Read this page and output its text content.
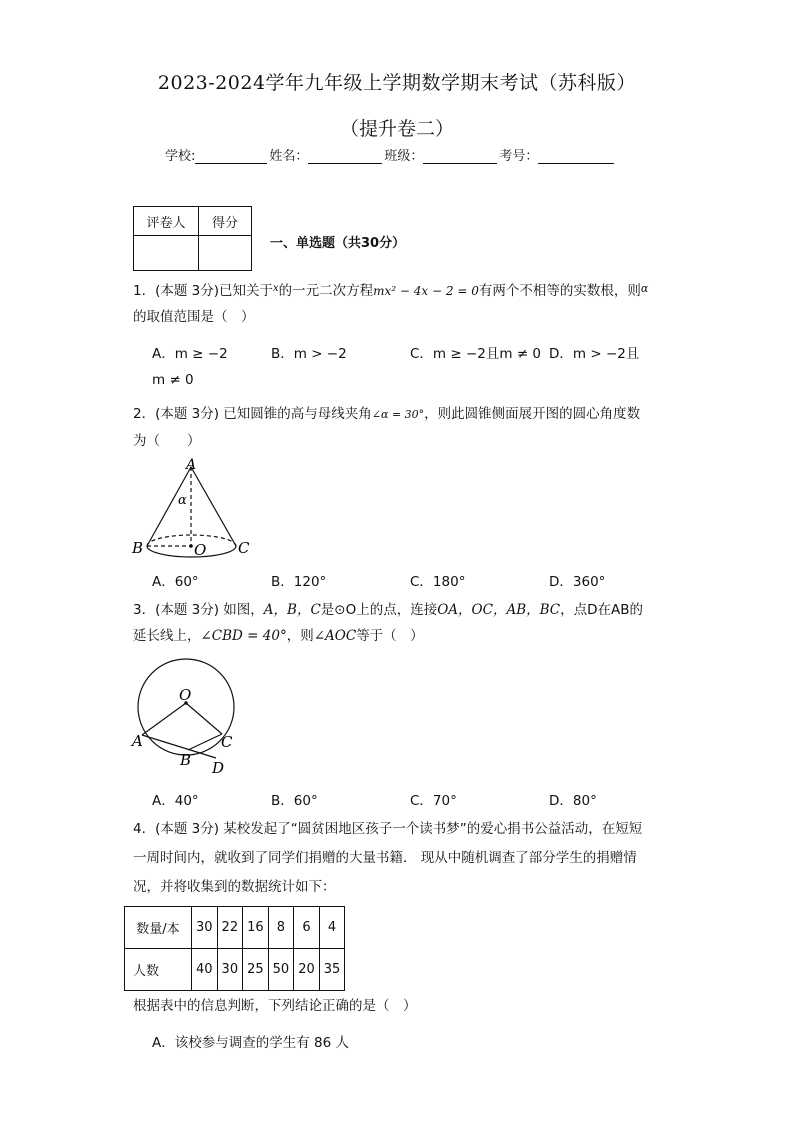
2023-2024学年九年级上学期数学期末考试（苏科版）
（提升卷二）
学校:	姓名：	班级：	考号：
评卷人	得分

一、单选题（共30分）
1．(本题 3分)已知关于$^x$的一元二次方程mx² − 4x − 2 = 0有两个不相等的实数根，则$^\alpha$
的取值范围是（　）
A．m ≥ −2	B．m > −2	C．m ≥ −2且m ≠ 0 D．m > −2且
m ≠ 0
2．(本题 3分) 已知圆锥的高与母线夹角∠α = 30°，则此圆锥侧面展开图的圆心角度数
为（　　）
A
α
B	O C
A．60°	B．120°	C．180°	D．360°
3．(本题 3分) 如图，A，B，C是⊙O上的点，连接OA，OC，AB，BC，点D在AB的
延长线上，∠CBD = 40°，则∠AOC等于（　）
O
A
B
C
D
A．40°	B．60°	C．70°	D．80°
4．(本题 3分) 某校发起了“圆贫困地区孩子一个读书梦”的爱心捐书公益活动，在短短
一周时间内，就收到了同学们捐赠的大量书籍． 现从中随机调查了部分学生的捐赠情
况，并将收集到的数据统计如下：
数量/本	30	22	16	8	6	4
人数	40	30	25	50	20	35
根据表中的信息判断，下列结论正确的是（　）
A．该校参与调查的学生有 86 人
